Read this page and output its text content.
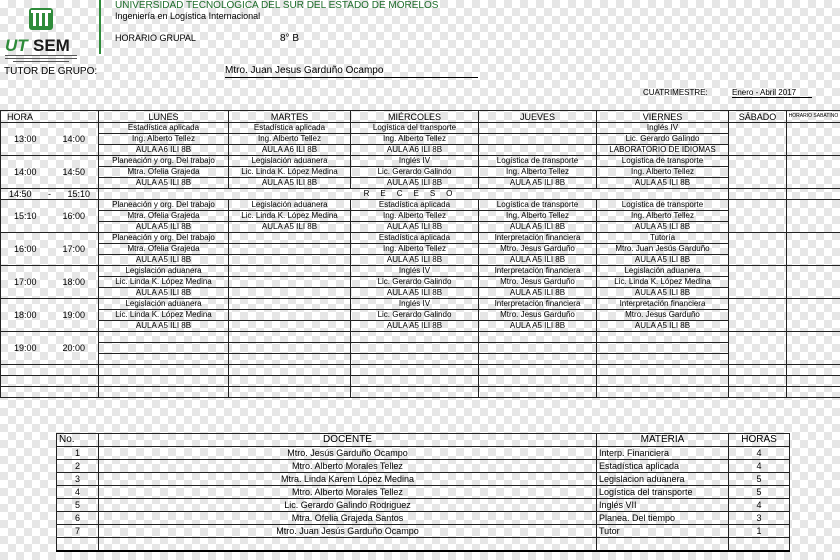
UT SEM
UNIVERSIDAD TECNOLÓGICA DEL SUR DEL ESTADO DE MORELOS
Ingeniería en Logística Internacional
HORARIO GRUPAL	8° B
TUTOR DE GRUPO:	Mtro. Juan Jesus Garduño Ocampo
CUATRIMESTRE:	Enero - Abril 2017
HORA	LUNES	MARTES	MIÉRCOLES	JUEVES	VIERNES	SÁBADO	HORARIO SABATINO

13:00 14:00	Estadística aplicada	Estadística aplicada	Logística del transporte		Inglés IV		
	Ing. Alberto Tellez	Ing. Alberto Tellez	Ing. Alberto Tellez		Lic. Gerardo Galindo		
	AULA A6 ILI 8B	AULA A6 ILI 8B	AULA A6 ILI 8B		LABORATORIO DE IDIOMAS		

14:00 14:50	Planeación y org. Del trabajo	Legislación aduanera	Inglés IV	Logística de transporte	Logística de transporte		
	Mtra. Ofelia Grajeda	Lic. Linda K. López Medina	Lic. Gerardo Galindo	Ing. Alberto Tellez	Ing. Alberto Tellez		
	AULA A5 ILI 8B	AULA A5 ILI 8B	AULA A5 ILI 8B	AULA A5 ILI 8B	AULA A5 ILI 8B		

14:50 - 15:10	RECESO						

15:10 16:00	Planeación y org. Del trabajo	Legislación aduanera	Estadística aplicada	Logística de transporte	Logística de transporte		
	Mtra. Ofelia Grajeda	Lic. Linda K. López Medina	Ing. Alberto Tellez	Ing. Alberto Tellez	Ing. Alberto Tellez		
	AULA A5 ILI 8B	AULA A5 ILI 8B	AULA A5 ILI 8B	AULA A5 ILI 8B	AULA A5 ILI 8B		

16:00 17:00	Planeación y org. Del trabajo		Estadística aplicada	Interpretación financiera	Tutoría		
	Mtra. Ofelia Grajeda		Ing. Alberto Tellez	Mtro. Jesus Garduño	Mtro. Juan Jesús Garduño		
	AULA A5 ILI 8B		AULA A5 ILI 8B	AULA A5 ILI 8B	AULA A5 ILI 8B		

17:00 18:00	Legislación aduanera		Inglés IV	Interpretación financiera	Legislación aduanera		
	Lic. Linda K. López Medina		Lic. Gerardo Galindo	Mtro. Jesus Garduño	Lic. Linda K. López Medina		
	AULA A5 ILI 8B		AULA A5 ILI 8B	AULA A5 ILI 8B	AULA A5 ILI 8B		

18:00 19:00	Legislación aduanera		Inglés IV	Interpretación financiera	Interpretación financiera		
	Lic. Linda K. López Medina		Lic. Gerardo Galindo	Mtro. Jesus Garduño	Mtro. Jesus Garduño		
	AULA A5 ILI 8B		AULA A5 ILI 8B	AULA A5 ILI 8B	AULA A5 ILI 8B		

19:00 20:00							

No.	DOCENTE	MATERIA	HORAS
1	Mtro. Jesús Garduño Ocampo	Interp. Financiera	4
2	Mtro. Alberto Morales Tellez	Estadística aplicada	4
3	Mtra. Linda Karem López Medina	Legislacion aduanera	5
4	Mtro. Alberto Morales Tellez	Logística del transporte	5
5	Lic. Gerardo Galindo Rodriguez	Inglés VII	4
6	Mtra. Ofelia Grajeda Santos	Planea. Del tiempo	3
7	Mtro. Juan Jesús Garduño Ocampo	Tutor	1
